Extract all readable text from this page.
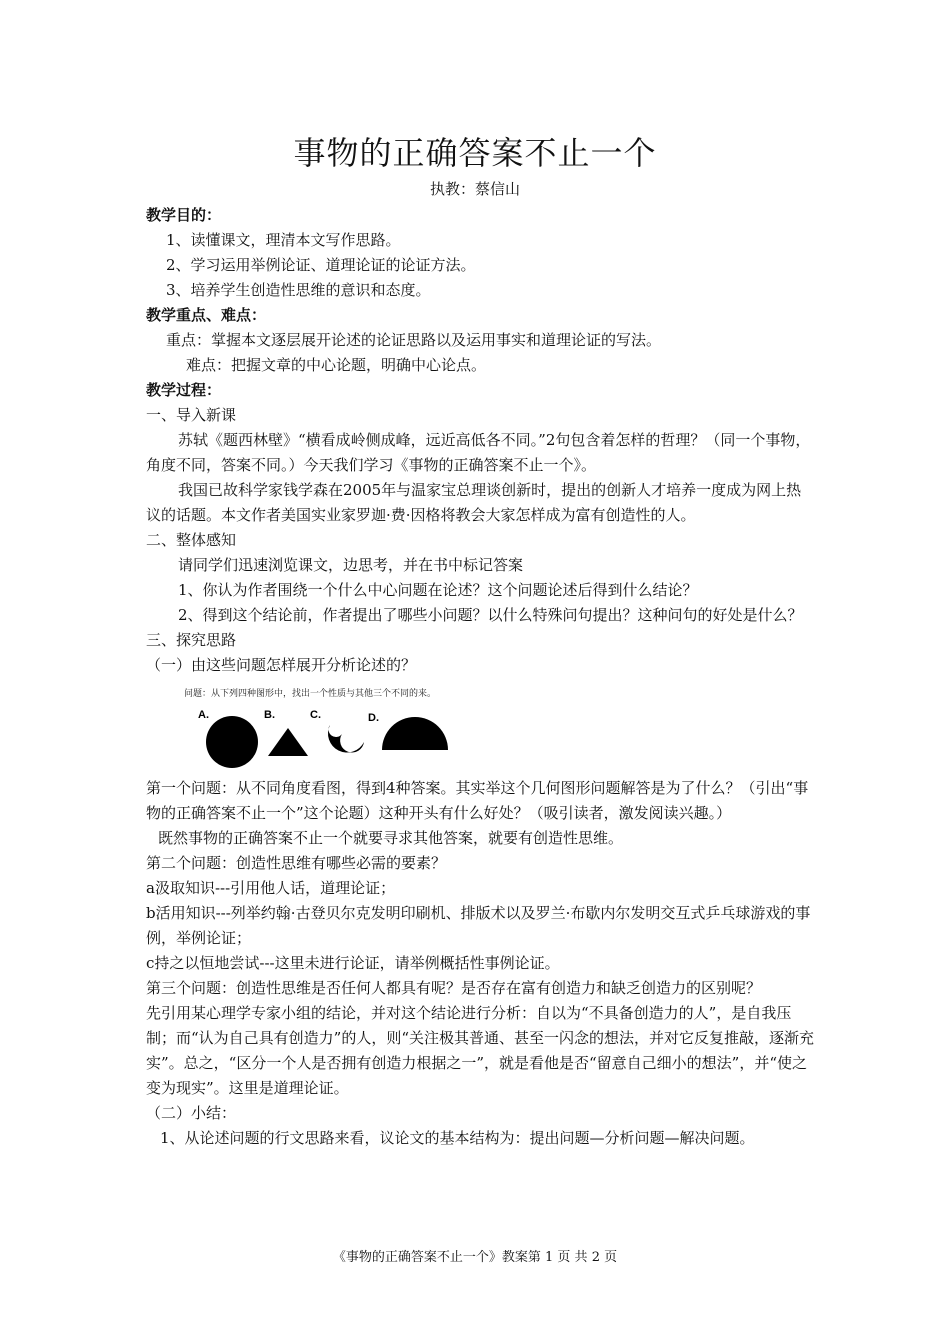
事物的正确答案不止一个
执教：蔡信山

教学目的：

1、读懂课文，理清本文写作思路。

2、学习运用举例论证、道理论证的论证方法。

3、培养学生创造性思维的意识和态度。

教学重点、难点：

重点：掌握本文逐层展开论述的论证思路以及运用事实和道理论证的写法。

难点：把握文章的中心论题，明确中心论点。

教学过程：

一、导入新课

苏轼《题西林壁》“横看成岭侧成峰，远近高低各不同。”2句包含着怎样的哲理？（同一个事物，角度不同，答案不同。）今天我们学习《事物的正确答案不止一个》。

我国已故科学家钱学森在2005年与温家宝总理谈创新时，提出的创新人才培养一度成为网上热议的话题。本文作者美国实业家罗迦·费·因格将教会大家怎样成为富有创造性的人。

二、整体感知

请同学们迅速浏览课文，边思考，并在书中标记答案

1、你认为作者围绕一个什么中心问题在论述？这个问题论述后得到什么结论？

2、得到这个结论前，作者提出了哪些小问题？以什么特殊问句提出？这种问句的好处是什么？

三、探究思路

（一）由这些问题怎样展开分析论述的？

问题：从下列四种图形中，找出一个性质与其他三个不同的来。
A.	B.	C.	D.

第一个问题：从不同角度看图，得到4种答案。其实举这个几何图形问题解答是为了什么？（引出“事物的正确答案不止一个”这个论题）这种开头有什么好处？（吸引读者，激发阅读兴趣。）

既然事物的正确答案不止一个就要寻求其他答案，就要有创造性思维。

第二个问题：创造性思维有哪些必需的要素？

a汲取知识---引用他人话，道理论证；

b活用知识---列举约翰·古登贝尔克发明印刷机、排版术以及罗兰·布歇内尔发明交互式乒乓球游戏的事例，举例论证；

c持之以恒地尝试---这里未进行论证，请举例概括性事例论证。

第三个问题：创造性思维是否任何人都具有呢？是否存在富有创造力和缺乏创造力的区别呢？

先引用某心理学专家小组的结论，并对这个结论进行分析：自以为“不具备创造力的人”，是自我压制；而“认为自己具有创造力”的人，则“关注极其普通、甚至一闪念的想法，并对它反复推敲，逐渐充实”。总之，“区分一个人是否拥有创造力根据之一”，就是看他是否“留意自己细小的想法”，并“使之变为现实”。这里是道理论证。

（二）小结：

1、从论述问题的行文思路来看，议论文的基本结构为：提出问题—分析问题—解决问题。

《事物的正确答案不止一个》教案第 1 页 共 2 页
